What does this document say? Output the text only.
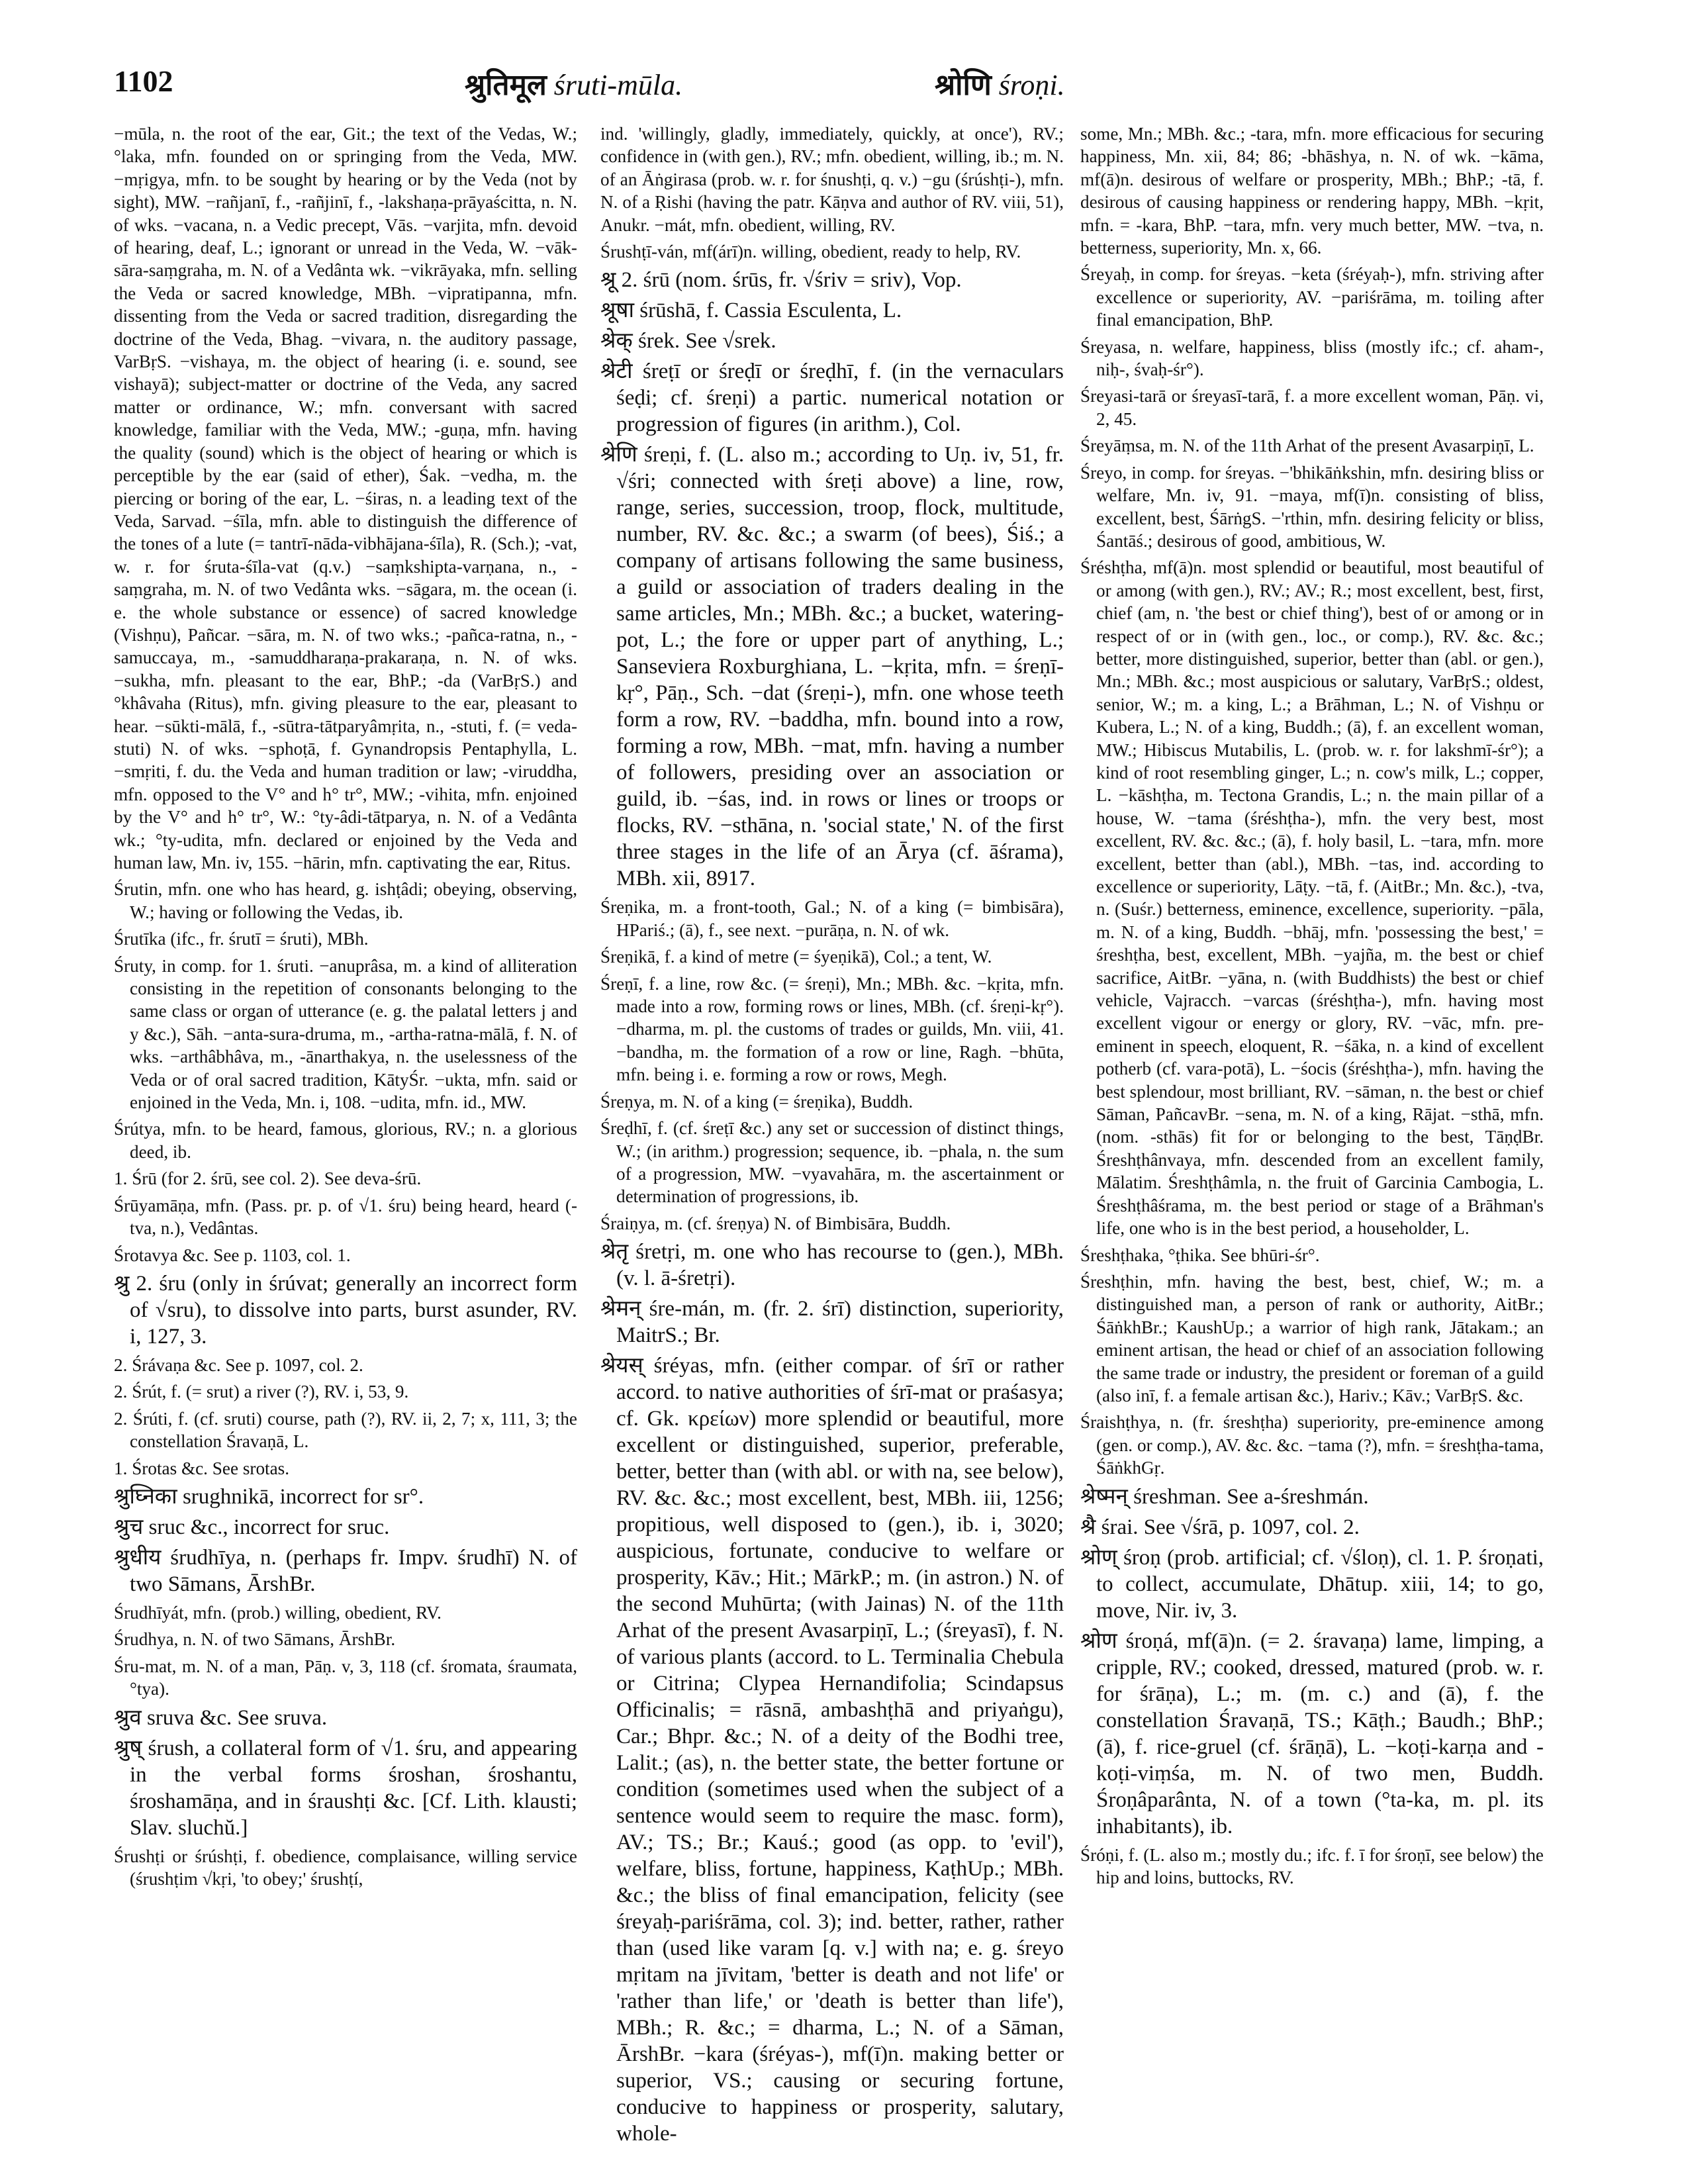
1102	श्रुतिमूल śruti-mūla.	श्रोणि śroṇi.

−mūla, n. the root of the ear, Git.; the text of the Vedas, W.; °laka, mfn. founded on or springing from the Veda, MW. −mṛigya, mfn. to be sought by hearing or by the Veda (not by sight), MW. −rañjanī, f., -rañjinī, f., -lakshaṇa-prāyaścitta, n. N. of wks. −vacana, n. a Vedic precept, Vās. −varjita, mfn. devoid of hearing, deaf, L.; ignorant or unread in the Veda, W. −vāk-sāra-saṃgraha, m. N. of a Vedânta wk. −vikrāyaka, mfn. selling the Veda or sacred knowledge, MBh. −vipratipanna, mfn. dissenting from the Veda or sacred tradition, disregarding the doctrine of the Veda, Bhag. −vivara, n. the auditory passage, VarBṛS. −vishaya, m. the object of hearing (i. e. sound, see vishayā); subject-matter or doctrine of the Veda, any sacred matter or ordinance, W.; mfn. conversant with sacred knowledge, familiar with the Veda, MW.; -guṇa, mfn. having the quality (sound) which is the object of hearing or which is perceptible by the ear (said of ether), Śak. −vedha, m. the piercing or boring of the ear, L. −śiras, n. a leading text of the Veda, Sarvad. −śīla, mfn. able to distinguish the difference of the tones of a lute (= tantrī-nāda-vibhājana-śīla), R. (Sch.); -vat, w. r. for śruta-śīla-vat (q.v.) −saṃkshipta-varṇana, n., -saṃgraha, m. N. of two Vedânta wks. −sāgara, m. the ocean (i. e. the whole substance or essence) of sacred knowledge (Vishṇu), Pañcar. −sāra, m. N. of two wks.; -pañca-ratna, n., -samuccaya, m., -samuddharaṇa-prakaraṇa, n. N. of wks. −sukha, mfn. pleasant to the ear, BhP.; -da (VarBṛS.) and °khâvaha (Ritus), mfn. giving pleasure to the ear, pleasant to hear. −sūkti-mālā, f., -sūtra-tātparyâmṛita, n., -stuti, f. (= veda-stuti) N. of wks. −sphoṭā, f. Gynandropsis Pentaphylla, L. −smṛiti, f. du. the Veda and human tradition or law; -viruddha, mfn. opposed to the V° and h° tr°, MW.; -vihita, mfn. enjoined by the V° and h° tr°, W.: °ty-âdi-tātparya, n. N. of a Vedânta wk.; °ty-udita, mfn. declared or enjoined by the Veda and human law, Mn. iv, 155. −hārin, mfn. captivating the ear, Ritus.

Śrutin, mfn. one who has heard, g. ishṭâdi; obeying, observing, W.; having or following the Vedas, ib.

Śrutīka (ifc., fr. śrutī = śruti), MBh.

Śruty, in comp. for 1. śruti. −anuprâsa, m. a kind of alliteration consisting in the repetition of consonants belonging to the same class or organ of utterance (e. g. the palatal letters j and y &c.), Sāh. −anta-sura-druma, m., -artha-ratna-mālā, f. N. of wks. −arthâbhâva, m., -ānarthakya, n. the uselessness of the Veda or of oral sacred tradition, KātyŚr. −ukta, mfn. said or enjoined in the Veda, Mn. i, 108. −udita, mfn. id., MW.

Śrútya, mfn. to be heard, famous, glorious, RV.; n. a glorious deed, ib.

1. Śrū (for 2. śrū, see col. 2). See deva-śrū.

Śrūyamāṇa, mfn. (Pass. pr. p. of √1. śru) being heard, heard (-tva, n.), Vedântas.

Śrotavya &c. See p. 1103, col. 1.

श्रु 2. śru (only in śrúvat; generally an incorrect form of √sru), to dissolve into parts, burst asunder, RV. i, 127, 3.

2. Śrávaṇa &c. See p. 1097, col. 2.

2. Śrút, f. (= srut) a river (?), RV. i, 53, 9.

2. Śrúti, f. (cf. sruti) course, path (?), RV. ii, 2, 7; x, 111, 3; the constellation Śravaṇā, L.

1. Śrotas &c. See srotas.

श्रुघ्निका srughnikā, incorrect for sr°.

श्रुच sruc &c., incorrect for sruc.

श्रुधीय śrudhīya, n. (perhaps fr. Impv. śrudhī) N. of two Sāmans, ĀrshBr.

Śrudhīyát, mfn. (prob.) willing, obedient, RV.

Śrudhya, n. N. of two Sāmans, ĀrshBr.

Śru-mat, m. N. of a man, Pāṇ. v, 3, 118 (cf. śromata, śraumata, °tya).

श्रुव sruva &c. See sruva.

श्रुष् śrush, a collateral form of √1. śru, and appearing in the verbal forms śroshan, śroshantu, śroshamāṇa, and in śraushṭi &c. [Cf. Lith. klausti; Slav. sluchŭ.]

Śrushṭi or śrúshṭi, f. obedience, complaisance, willing service (śrushṭim √kṛi, 'to obey;' śrushṭí,

ind. 'willingly, gladly, immediately, quickly, at once'), RV.; confidence in (with gen.), RV.; mfn. obedient, willing, ib.; m. N. of an Āṅgirasa (prob. w. r. for śnushṭi, q. v.) −gu (śrúshṭi-), mfn. N. of a Ṛishi (having the patr. Kāṇva and author of RV. viii, 51), Anukr. −mát, mfn. obedient, willing, RV.

Śrushṭī-ván, mf(árī)n. willing, obedient, ready to help, RV.

श्रू 2. śrū (nom. śrūs, fr. √śriv = sriv), Vop.

श्रूषा śrūshā, f. Cassia Esculenta, L.

श्रेक् śrek. See √srek.

श्रेटी śreṭī or śreḍī or śreḍhī, f. (in the vernaculars śeḍi; cf. śreṇi) a partic. numerical notation or progression of figures (in arithm.), Col.

श्रेणि śreṇi, f. (L. also m.; according to Uṇ. iv, 51, fr. √śri; connected with śreṭi above) a line, row, range, series, succession, troop, flock, multitude, number, RV. &c. &c.; a swarm (of bees), Śiś.; a company of artisans following the same business, a guild or association of traders dealing in the same articles, Mn.; MBh. &c.; a bucket, watering-pot, L.; the fore or upper part of anything, L.; Sanseviera Roxburghiana, L. −kṛita, mfn. = śreṇī-kṛ°, Pāṇ., Sch. −dat (śreṇi-), mfn. one whose teeth form a row, RV. −baddha, mfn. bound into a row, forming a row, MBh. −mat, mfn. having a number of followers, presiding over an association or guild, ib. −śas, ind. in rows or lines or troops or flocks, RV. −sthāna, n. 'social state,' N. of the first three stages in the life of an Ārya (cf. āśrama), MBh. xii, 8917.

Śreṇika, m. a front-tooth, Gal.; N. of a king (= bimbisāra), HPariś.; (ā), f., see next. −purāṇa, n. N. of wk.

Śreṇikā, f. a kind of metre (= śyeṇikā), Col.; a tent, W.

Śreṇī, f. a line, row &c. (= śreṇi), Mn.; MBh. &c. −kṛita, mfn. made into a row, forming rows or lines, MBh. (cf. śreṇi-kṛ°). −dharma, m. pl. the customs of trades or guilds, Mn. viii, 41. −bandha, m. the formation of a row or line, Ragh. −bhūta, mfn. being i. e. forming a row or rows, Megh.

Śreṇya, m. N. of a king (= śreṇika), Buddh.

Śreḍhī, f. (cf. śreṭī &c.) any set or succession of distinct things, W.; (in arithm.) progression; sequence, ib. −phala, n. the sum of a progression, MW. −vyavahāra, m. the ascertainment or determination of progressions, ib.

Śraiṇya, m. (cf. śreṇya) N. of Bimbisāra, Buddh.

श्रेतृ śretṛi, m. one who has recourse to (gen.), MBh. (v. l. ā-śretṛi).

श्रेमन् śre-mán, m. (fr. 2. śrī) distinction, superiority, MaitrS.; Br.

श्रेयस् śréyas, mfn. (either compar. of śrī or rather accord. to native authorities of śrī-mat or praśasya; cf. Gk. κρείων) more splendid or beautiful, more excellent or distinguished, superior, preferable, better, better than (with abl. or with na, see below), RV. &c. &c.; most excellent, best, MBh. iii, 1256; propitious, well disposed to (gen.), ib. i, 3020; auspicious, fortunate, conducive to welfare or prosperity, Kāv.; Hit.; MārkP.; m. (in astron.) N. of the second Muhūrta; (with Jainas) N. of the 11th Arhat of the present Avasarpiṇī, L.; (śreyasī), f. N. of various plants (accord. to L. Terminalia Chebula or Citrina; Clypea Hernandifolia; Scindapsus Officinalis; = rāsnā, ambashṭhā and priyaṅgu), Car.; Bhpr. &c.; N. of a deity of the Bodhi tree, Lalit.; (as), n. the better state, the better fortune or condition (sometimes used when the subject of a sentence would seem to require the masc. form), AV.; TS.; Br.; Kauś.; good (as opp. to 'evil'), welfare, bliss, fortune, happiness, KaṭhUp.; MBh. &c.; the bliss of final emancipation, felicity (see śreyaḥ-pariśrāma, col. 3); ind. better, rather, rather than (used like varam [q. v.] with na; e. g. śreyo mṛitam na jīvitam, 'better is death and not life' or 'rather than life,' or 'death is better than life'), MBh.; R. &c.; = dharma, L.; N. of a Sāman, ĀrshBr. −kara (śréyas-), mf(ī)n. making better or superior, VS.; causing or securing fortune, conducive to happiness or prosperity, salutary, whole-

some, Mn.; MBh. &c.; -tara, mfn. more efficacious for securing happiness, Mn. xii, 84; 86; -bhāshya, n. N. of wk. −kāma, mf(ā)n. desirous of welfare or prosperity, MBh.; BhP.; -tā, f. desirous of causing happiness or rendering happy, MBh. −kṛit, mfn. = -kara, BhP. −tara, mfn. very much better, MW. −tva, n. betterness, superiority, Mn. x, 66.

Śreyaḥ, in comp. for śreyas. −keta (śréyaḥ-), mfn. striving after excellence or superiority, AV. −pariśrāma, m. toiling after final emancipation, BhP.

Śreyasa, n. welfare, happiness, bliss (mostly ifc.; cf. aham-, niḥ-, śvaḥ-śr°).

Śreyasi-tarā or śreyasī-tarā, f. a more excellent woman, Pāṇ. vi, 2, 45.

Śreyāṃsa, m. N. of the 11th Arhat of the present Avasarpiṇī, L.

Śreyo, in comp. for śreyas. −'bhikāṅkshin, mfn. desiring bliss or welfare, Mn. iv, 91. −maya, mf(ī)n. consisting of bliss, excellent, best, ŚārṅgS. −'rthin, mfn. desiring felicity or bliss, Śantāś.; desirous of good, ambitious, W.

Śréshṭha, mf(ā)n. most splendid or beautiful, most beautiful of or among (with gen.), RV.; AV.; R.; most excellent, best, first, chief (am, n. 'the best or chief thing'), best of or among or in respect of or in (with gen., loc., or comp.), RV. &c. &c.; better, more distinguished, superior, better than (abl. or gen.), Mn.; MBh. &c.; most auspicious or salutary, VarBṛS.; oldest, senior, W.; m. a king, L.; a Brāhman, L.; N. of Vishṇu or Kubera, L.; N. of a king, Buddh.; (ā), f. an excellent woman, MW.; Hibiscus Mutabilis, L. (prob. w. r. for lakshmī-śr°); a kind of root resembling ginger, L.; n. cow's milk, L.; copper, L. −kāshṭha, m. Tectona Grandis, L.; n. the main pillar of a house, W. −tama (śréshṭha-), mfn. the very best, most excellent, RV. &c. &c.; (ā), f. holy basil, L. −tara, mfn. more excellent, better than (abl.), MBh. −tas, ind. according to excellence or superiority, Lāṭy. −tā, f. (AitBr.; Mn. &c.), -tva, n. (Suśr.) betterness, eminence, excellence, superiority. −pāla, m. N. of a king, Buddh. −bhāj, mfn. 'possessing the best,' = śreshṭha, best, excellent, MBh. −yajña, m. the best or chief sacrifice, AitBr. −yāna, n. (with Buddhists) the best or chief vehicle, Vajracch. −varcas (śréshṭha-), mfn. having most excellent vigour or energy or glory, RV. −vāc, mfn. pre-eminent in speech, eloquent, R. −śāka, n. a kind of excellent potherb (cf. vara-potā), L. −śocis (śréshṭha-), mfn. having the best splendour, most brilliant, RV. −sāman, n. the best or chief Sāman, PañcavBr. −sena, m. N. of a king, Rājat. −sthā, mfn. (nom. -sthās) fit for or belonging to the best, TāṇḍBr. Śreshṭhânvaya, mfn. descended from an excellent family, Mālatim. Śreshṭhâmla, n. the fruit of Garcinia Cambogia, L. Śreshṭhâśrama, m. the best period or stage of a Brāhman's life, one who is in the best period, a householder, L.

Śreshṭhaka, °ṭhika. See bhūri-śr°.

Śreshṭhin, mfn. having the best, best, chief, W.; m. a distinguished man, a person of rank or authority, AitBr.; ŚāṅkhBr.; KaushUp.; a warrior of high rank, Jātakam.; an eminent artisan, the head or chief of an association following the same trade or industry, the president or foreman of a guild (also inī, f. a female artisan &c.), Hariv.; Kāv.; VarBṛS. &c.

Śraishṭhya, n. (fr. śreshṭha) superiority, pre-eminence among (gen. or comp.), AV. &c. &c. −tama (?), mfn. = śreshṭha-tama, ŚāṅkhGṛ.

श्रेष्मन् śreshman. See a-śreshmán.

श्रै śrai. See √śrā, p. 1097, col. 2.

श्रोण् śroṇ (prob. artificial; cf. √śloṇ), cl. 1. P. śroṇati, to collect, accumulate, Dhātup. xiii, 14; to go, move, Nir. iv, 3.

श्रोण śroṇá, mf(ā)n. (= 2. śravaṇa) lame, limping, a cripple, RV.; cooked, dressed, matured (prob. w. r. for śrāṇa), L.; m. (m. c.) and (ā), f. the constellation Śravaṇā, TS.; Kāṭh.; Baudh.; BhP.; (ā), f. rice-gruel (cf. śrāṇā), L. −koṭi-karṇa and -koṭi-viṃśa, m. N. of two men, Buddh. Śroṇâparânta, N. of a town (°ta-ka, m. pl. its inhabitants), ib.

Śróṇi, f. (L. also m.; mostly du.; ifc. f. ī for śroṇī, see below) the hip and loins, buttocks, RV.
